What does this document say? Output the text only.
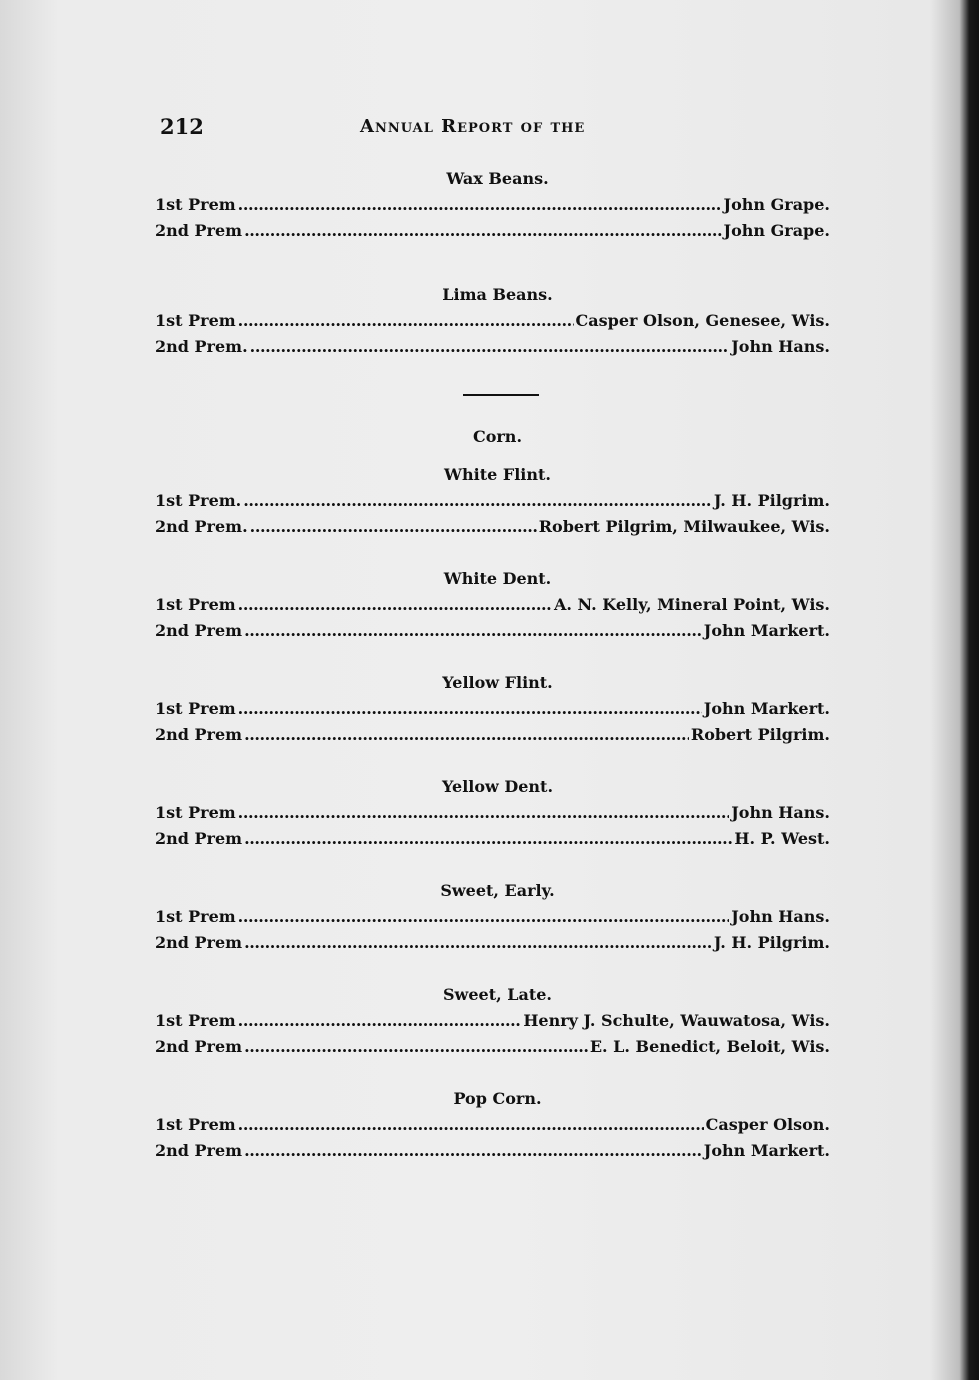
212	Annual Report of the
Wax Beans.
1st Prem . . .	John Grape.
2nd Prem . . .	John Grape.
Lima Beans.
1st Prem . . .	Casper Olson, Genesee, Wis.
2nd Prem. . . .	John Hans.
Corn.
White Flint.
1st Prem. . . .	J. H. Pilgrim.
2nd Prem. . . .	Robert Pilgrim, Milwaukee, Wis.
White Dent.
1st Prem . . .	A. N. Kelly, Mineral Point, Wis.
2nd Prem . . .	John Markert.
Yellow Flint.
1st Prem . . .	John Markert.
2nd Prem . . .	Robert Pilgrim.
Yellow Dent.
1st Prem . . .	John Hans.
2nd Prem . . .	H. P. West.
Sweet, Early.
1st Prem . . .	John Hans.
2nd Prem . . .	J. H. Pilgrim.
Sweet, Late.
1st Prem . . .	Henry J. Schulte, Wauwatosa, Wis.
2nd Prem . . .	E. L. Benedict, Beloit, Wis.
Pop Corn.
1st Prem . . .	Casper Olson.
2nd Prem . . .	John Markert.
